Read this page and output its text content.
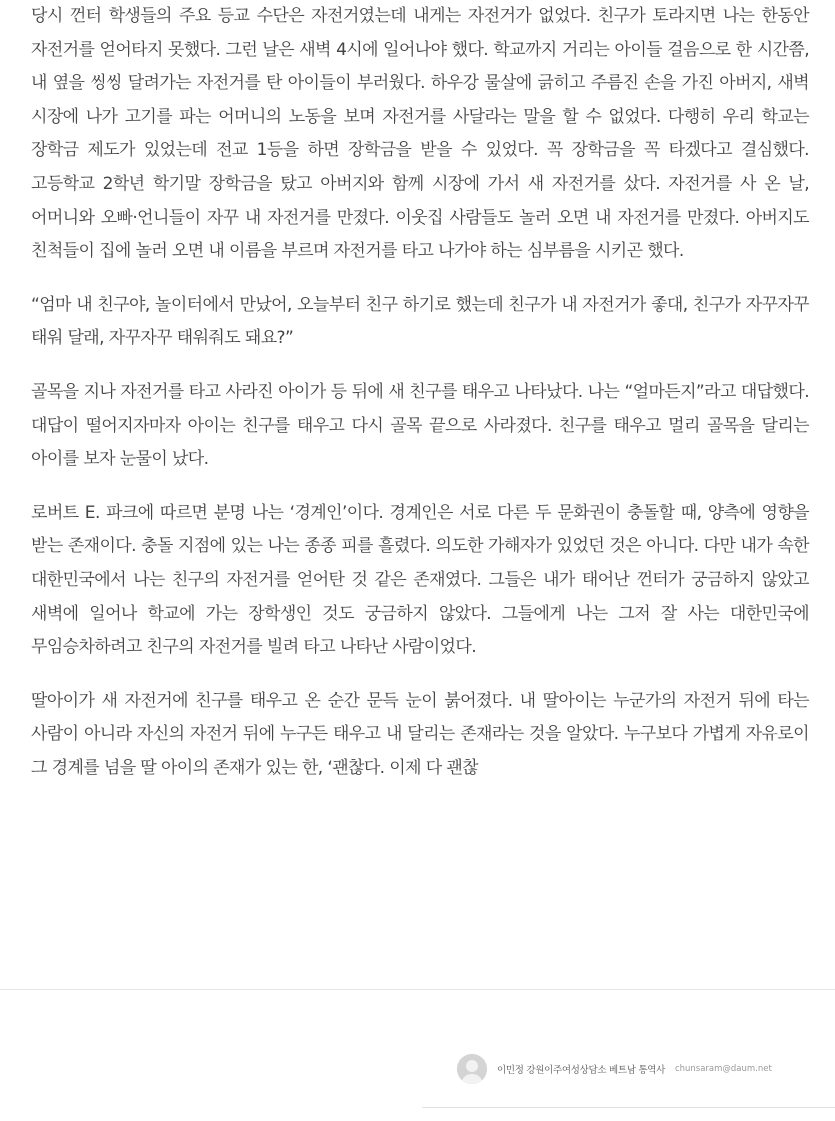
당시 껀터 학생들의 주요 등교 수단은 자전거였는데 내게는 자전거가 없었다. 친구가 토라지면 나는 한동안 자전거를 얻어타지 못했다. 그런 날은 새벽 4시에 일어나야 했다. 학교까지 거리는 아이들 걸음으로 한 시간쯤, 내 옆을 씽씽 달려가는 자전거를 탄 아이들이 부러웠다. 하우강 물살에 긁히고 주름진 손을 가진 아버지, 새벽 시장에 나가 고기를 파는 어머니의 노동을 보며 자전거를 사달라는 말을 할 수 없었다. 다행히 우리 학교는 장학금 제도가 있었는데 전교 1등을 하면 장학금을 받을 수 있었다. 꼭 장학금을 꼭 타겠다고 결심했다. 고등학교 2학년 학기말 장학금을 탔고 아버지와 함께 시장에 가서 새 자전거를 샀다. 자전거를 사 온 날, 어머니와 오빠·언니들이 자꾸 내 자전거를 만졌다. 이웃집 사람들도 놀러 오면 내 자전거를 만졌다. 아버지도 친척들이 집에 놀러 오면 내 이름을 부르며 자전거를 타고 나가야 하는 심부름을 시키곤 했다.

“엄마 내 친구야, 놀이터에서 만났어, 오늘부터 친구 하기로 했는데 친구가 내 자전거가 좋대, 친구가 자꾸자꾸 태워 달래, 자꾸자꾸 태워줘도 돼요?”

골목을 지나 자전거를 타고 사라진 아이가 등 뒤에 새 친구를 태우고 나타났다. 나는 “얼마든지”라고 대답했다. 대답이 떨어지자마자 아이는 친구를 태우고 다시 골목 끝으로 사라졌다. 친구를 태우고 멀리 골목을 달리는 아이를 보자 눈물이 났다.

로버트 E. 파크에 따르면 분명 나는 ‘경계인’이다. 경계인은 서로 다른 두 문화권이 충돌할 때, 양측에 영향을 받는 존재이다. 충돌 지점에 있는 나는 종종 피를 흘렸다. 의도한 가해자가 있었던 것은 아니다. 다만 내가 속한 대한민국에서 나는 친구의 자전거를 얻어탄 것 같은 존재였다. 그들은 내가 태어난 껀터가 궁금하지 않았고 새벽에 일어나 학교에 가는 장학생인 것도 궁금하지 않았다. 그들에게 나는 그저 잘 사는 대한민국에 무임승차하려고 친구의 자전거를 빌려 타고 나타난 사람이었다.

딸아이가 새 자전거에 친구를 태우고 온 순간 문득 눈이 붉어졌다. 내 딸아이는 누군가의 자전거 뒤에 타는 사람이 아니라 자신의 자전거 뒤에 누구든 태우고 내 달리는 존재라는 것을 알았다. 누구보다 가볍게 자유로이 그 경계를 넘을 딸 아이의 존재가 있는 한, ‘괜찮다. 이제 다 괜찮

이민정 강원이주여성상담소 베트남 통역사 chunsaram@daum.net
